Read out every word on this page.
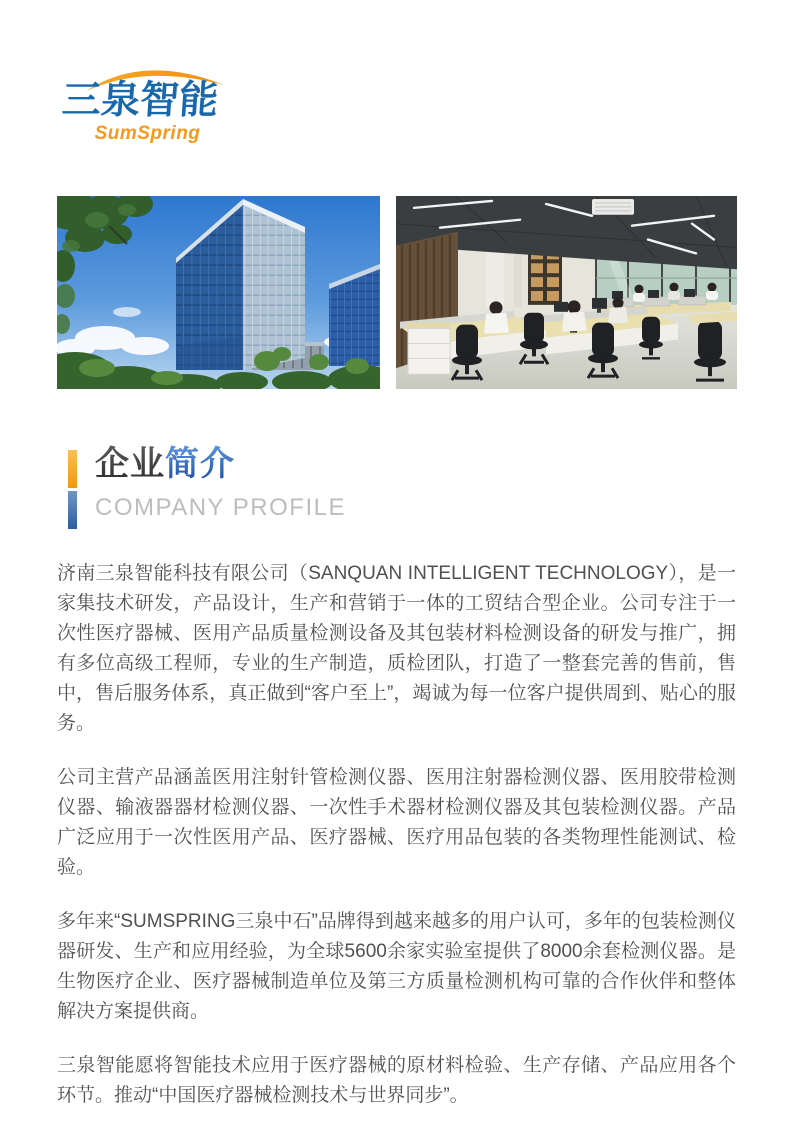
三泉智能
SumSpring
企业简介
COMPANY PROFILE

济南三泉智能科技有限公司（SANQUAN INTELLIGENT TECHNOLOGY），是一家集技术研发，产品设计，生产和营销于一体的工贸结合型企业。公司专注于一次性医疗器械、医用产品质量检测设备及其包装材料检测设备的研发与推广，拥有多位高级工程师，专业的生产制造，质检团队，打造了一整套完善的售前，售中，售后服务体系，真正做到“客户至上”，竭诚为每一位客户提供周到、贴心的服务。

公司主营产品涵盖医用注射针管检测仪器、医用注射器检测仪器、医用胶带检测仪器、输液器器材检测仪器、一次性手术器材检测仪器及其包装检测仪器。产品广泛应用于一次性医用产品、医疗器械、医疗用品包装的各类物理性能测试、检验。

多年来“SUMSPRING三泉中石”品牌得到越来越多的用户认可，多年的包装检测仪器研发、生产和应用经验，为全球5600余家实验室提供了8000余套检测仪器。是生物医疗企业、医疗器械制造单位及第三方质量检测机构可靠的合作伙伴和整体解决方案提供商。

三泉智能愿将智能技术应用于医疗器械的原材料检验、生产存储、产品应用各个环节。推动“中国医疗器械检测技术与世界同步”。
